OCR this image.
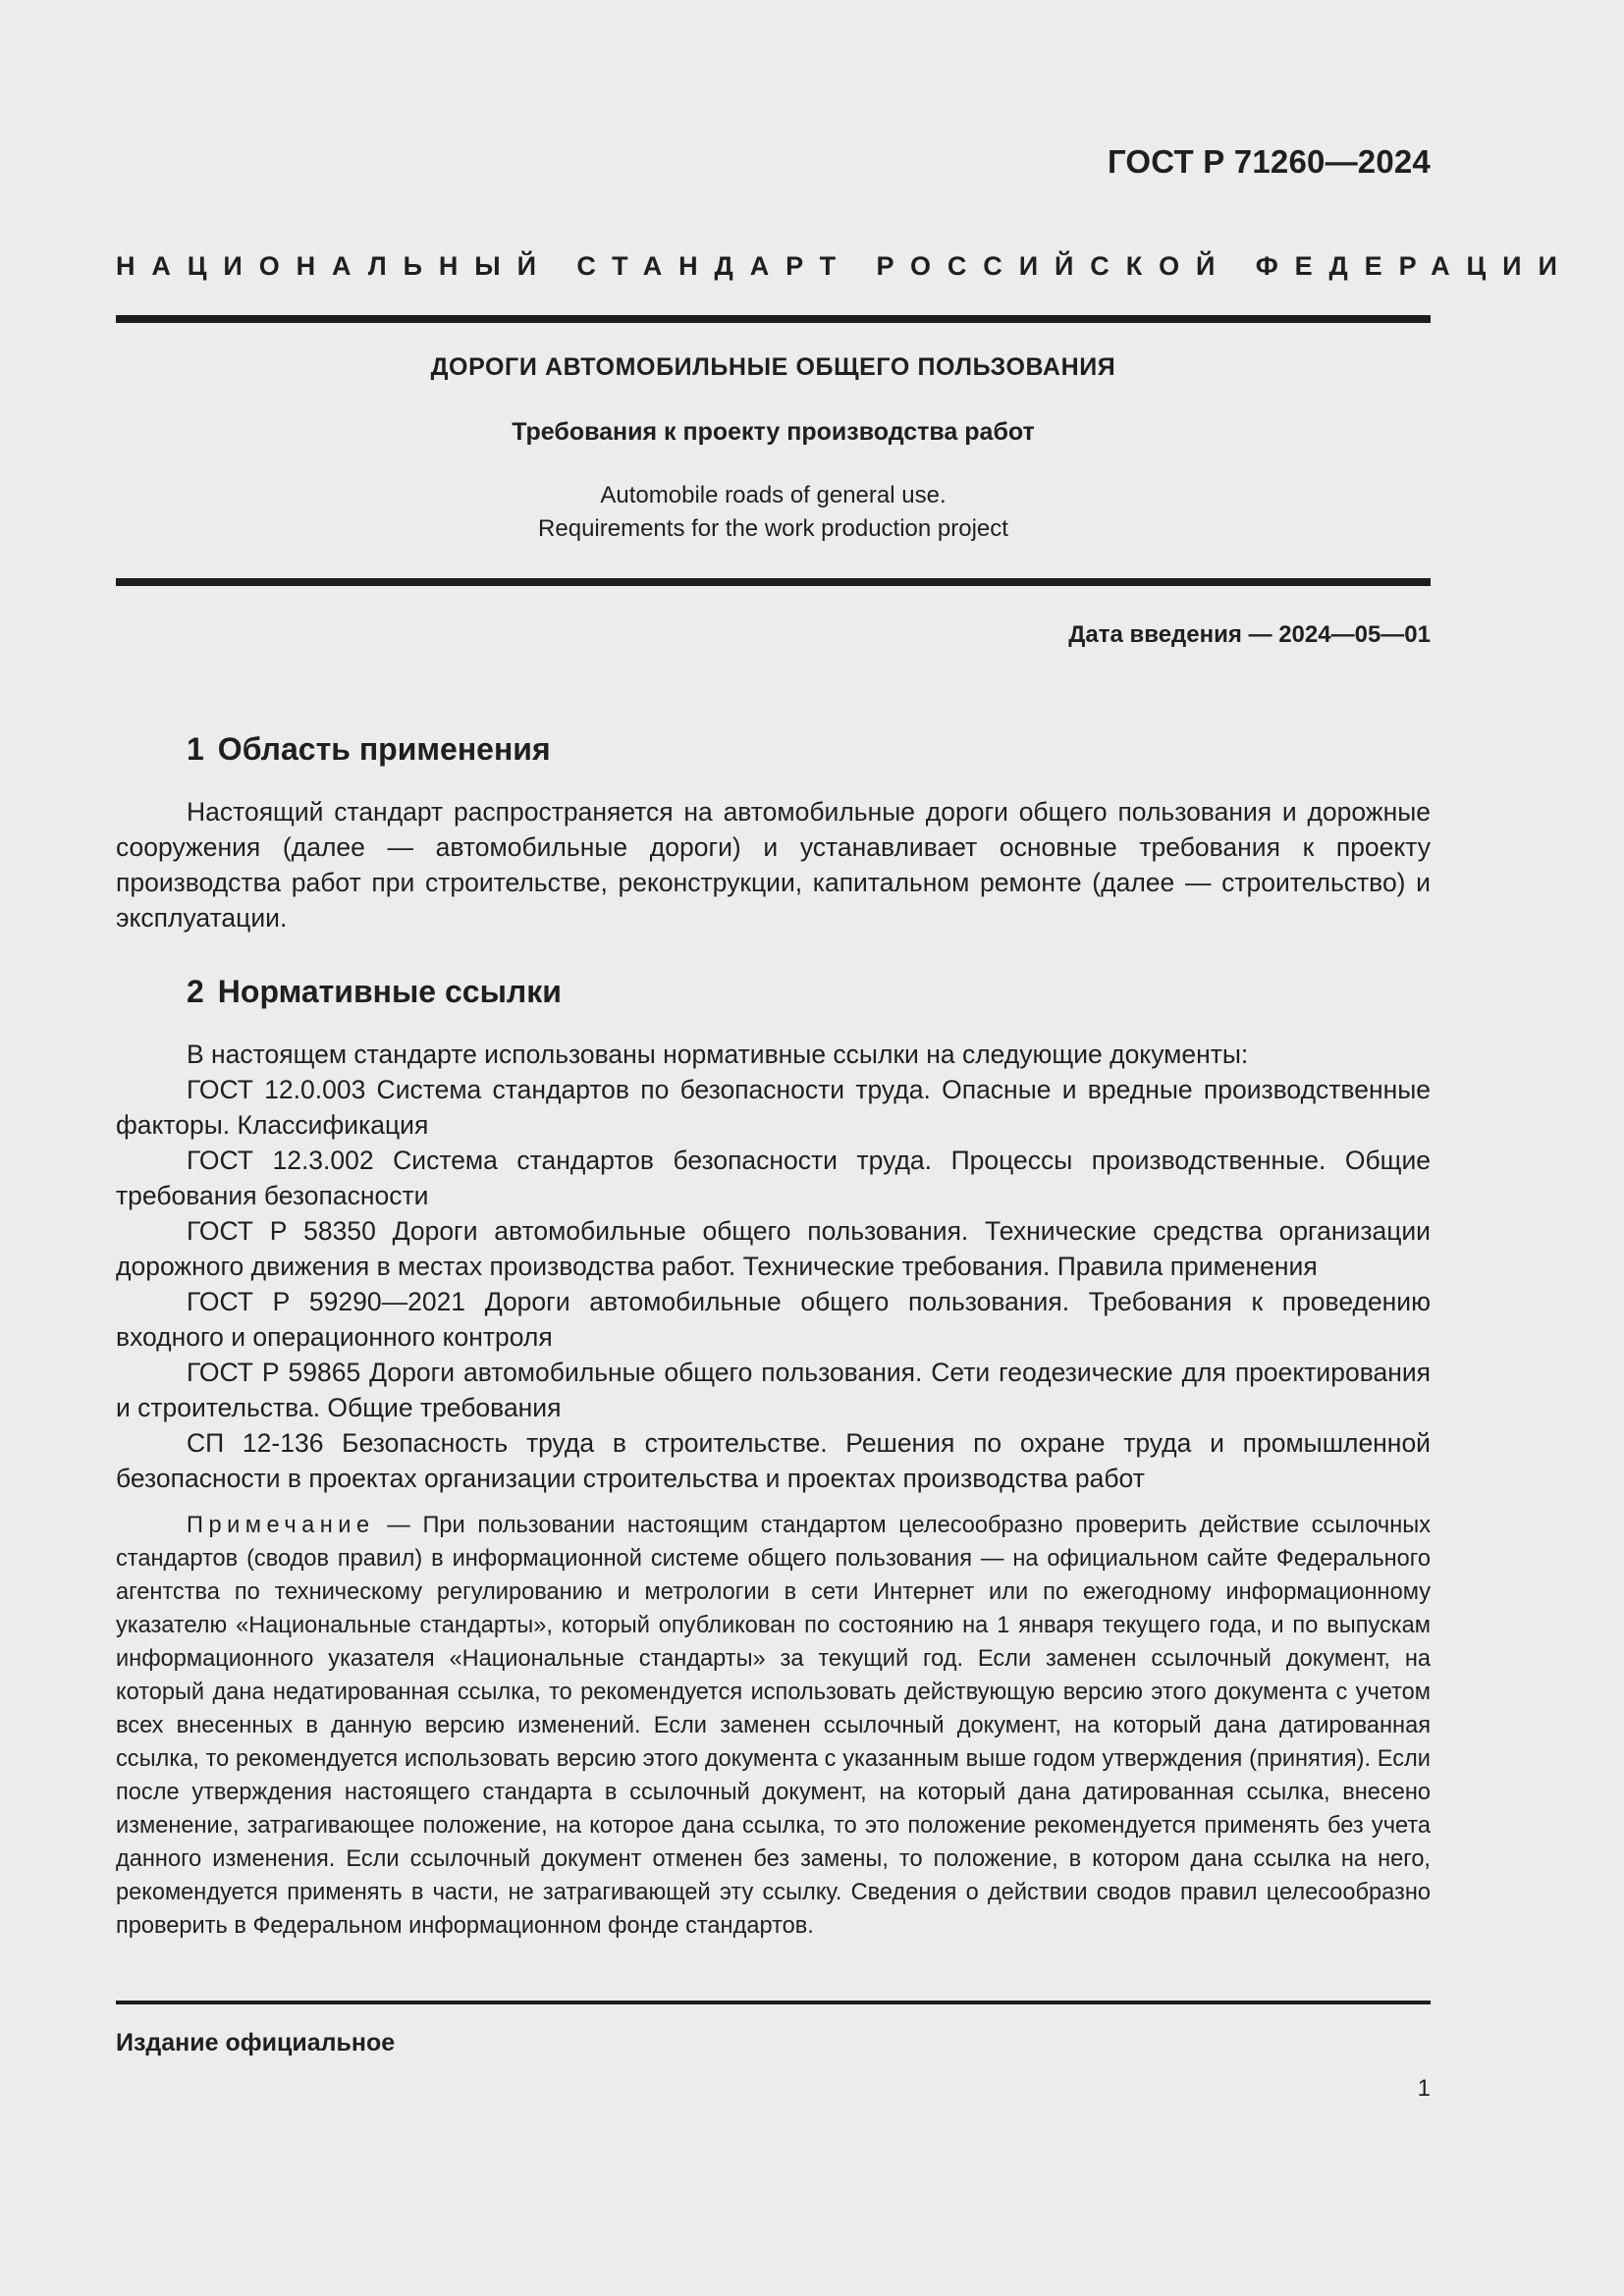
ГОСТ Р 71260—2024
НАЦИОНАЛЬНЫЙ СТАНДАРТ РОССИЙСКОЙ ФЕДЕРАЦИИ
ДОРОГИ АВТОМОБИЛЬНЫЕ ОБЩЕГО ПОЛЬЗОВАНИЯ
Требования к проекту производства работ
Automobile roads of general use.
Requirements for the work production project
Дата введения — 2024—05—01
1 Область применения
Настоящий стандарт распространяется на автомобильные дороги общего пользования и дорожные сооружения (далее — автомобильные дороги) и устанавливает основные требования к проекту производства работ при строительстве, реконструкции, капитальном ремонте (далее — строительство) и эксплуатации.
2 Нормативные ссылки
В настоящем стандарте использованы нормативные ссылки на следующие документы:
ГОСТ 12.0.003 Система стандартов по безопасности труда. Опасные и вредные производственные факторы. Классификация
ГОСТ 12.3.002 Система стандартов безопасности труда. Процессы производственные. Общие требования безопасности
ГОСТ Р 58350 Дороги автомобильные общего пользования. Технические средства организации дорожного движения в местах производства работ. Технические требования. Правила применения
ГОСТ Р 59290—2021 Дороги автомобильные общего пользования. Требования к проведению входного и операционного контроля
ГОСТ Р 59865 Дороги автомобильные общего пользования. Сети геодезические для проектирования и строительства. Общие требования
СП 12-136 Безопасность труда в строительстве. Решения по охране труда и промышленной безопасности в проектах организации строительства и проектах производства работ
Примечание — При пользовании настоящим стандартом целесообразно проверить действие ссылочных стандартов (сводов правил) в информационной системе общего пользования — на официальном сайте Федерального агентства по техническому регулированию и метрологии в сети Интернет или по ежегодному информационному указателю «Национальные стандарты», который опубликован по состоянию на 1 января текущего года, и по выпускам информационного указателя «Национальные стандарты» за текущий год. Если заменен ссылочный документ, на который дана недатированная ссылка, то рекомендуется использовать действующую версию этого документа с учетом всех внесенных в данную версию изменений. Если заменен ссылочный документ, на который дана датированная ссылка, то рекомендуется использовать версию этого документа с указанным выше годом утверждения (принятия). Если после утверждения настоящего стандарта в ссылочный документ, на который дана датированная ссылка, внесено изменение, затрагивающее положение, на которое дана ссылка, то это положение рекомендуется применять без учета данного изменения. Если ссылочный документ отменен без замены, то положение, в котором дана ссылка на него, рекомендуется применять в части, не затрагивающей эту ссылку. Сведения о действии сводов правил целесообразно проверить в Федеральном информационном фонде стандартов.
Издание официальное
1
